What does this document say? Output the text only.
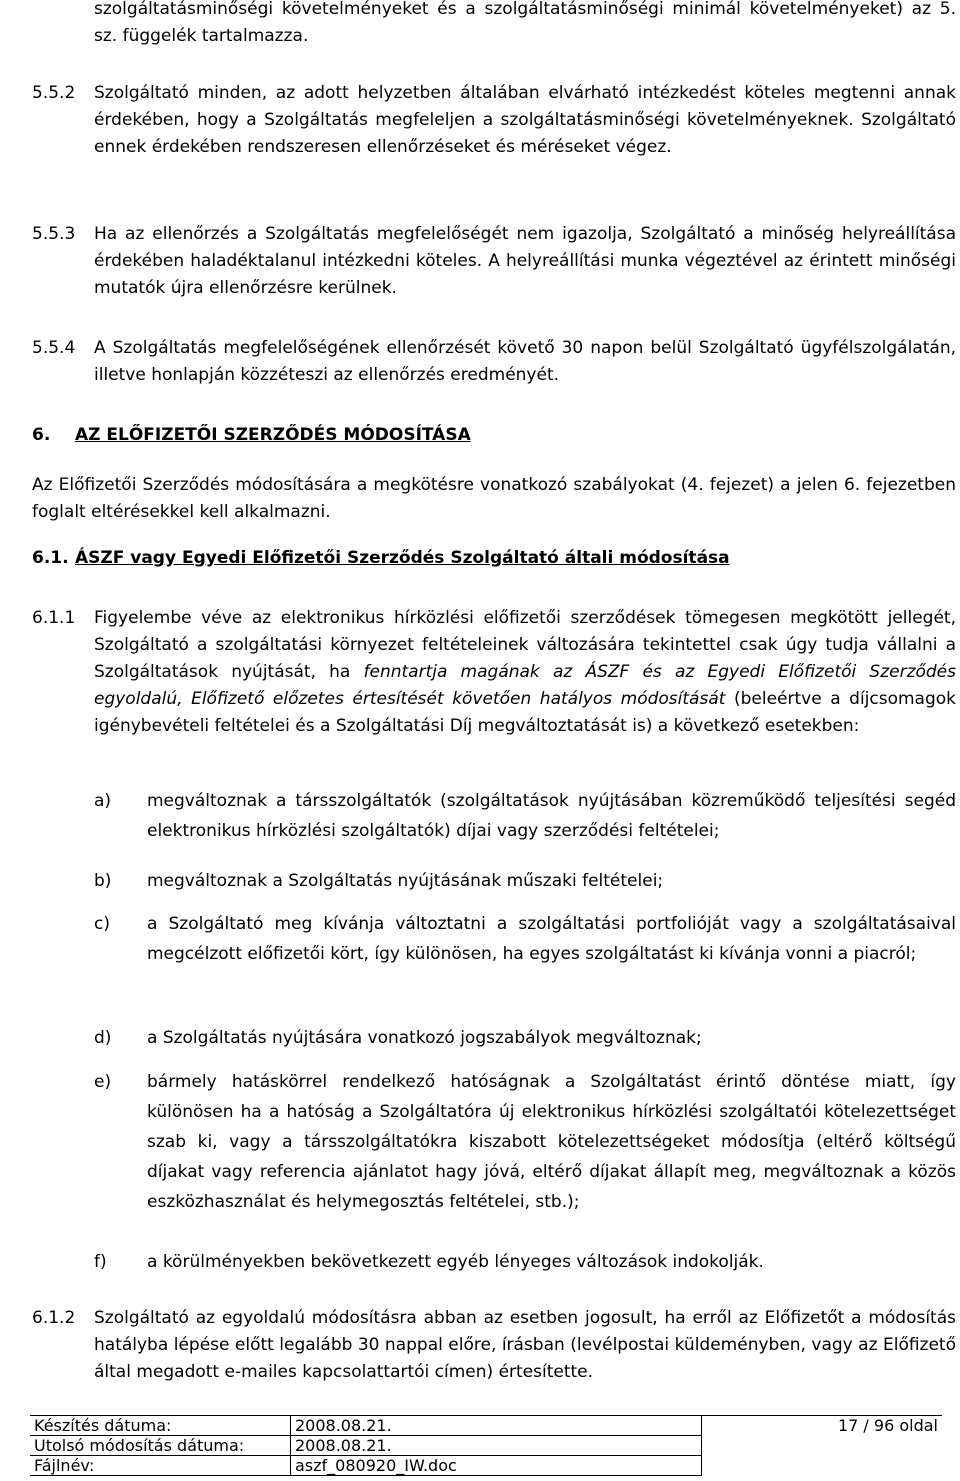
szolgáltatásminőségi követelményeket és a szolgáltatásminőségi minimál követelményeket) az 5. sz. függelék tartalmazza.
5.5.2 Szolgáltató minden, az adott helyzetben általában elvárható intézkedést köteles megtenni annak érdekében, hogy a Szolgáltatás megfeleljen a szolgáltatásminőségi követelményeknek. Szolgáltató ennek érdekében rendszeresen ellenőrzéseket és méréseket végez.
5.5.3 Ha az ellenőrzés a Szolgáltatás megfelelőségét nem igazolja, Szolgáltató a minőség helyreállítása érdekében haladéktalanul intézkedni köteles. A helyreállítási munka végeztével az érintett minőségi mutatók újra ellenőrzésre kerülnek.
5.5.4 A Szolgáltatás megfelelőségének ellenőrzését követő 30 napon belül Szolgáltató ügyfélszolgálatán, illetve honlapján közzéteszi az ellenőrzés eredményét.
6. AZ ELŐFIZETŐI SZERZŐDÉS MÓDOSÍTÁSA
Az Előfizetői Szerződés módosítására a megkötésre vonatkozó szabályokat (4. fejezet) a jelen 6. fejezetben foglalt eltérésekkel kell alkalmazni.
6.1. ÁSZF vagy Egyedi Előfizetői Szerződés Szolgáltató általi módosítása
6.1.1 Figyelembe véve az elektronikus hírközlési előfizetői szerződések tömegesen megkötött jellegét, Szolgáltató a szolgáltatási környezet feltételeinek változására tekintettel csak úgy tudja vállalni a Szolgáltatások nyújtását, ha fenntartja magának az ÁSZF és az Egyedi Előfizetői Szerződés egyoldalú, Előfizető előzetes értesítését követően hatályos módosítását (beleértve a díjcsomagok igénybevételi feltételei és a Szolgáltatási Díj megváltoztatását is) a következő esetekben:
a) megváltoznak a társszolgáltatók (szolgáltatások nyújtásában közreműködő teljesítési segéd elektronikus hírközlési szolgáltatók) díjai vagy szerződési feltételei;
b) megváltoznak a Szolgáltatás nyújtásának műszaki feltételei;
c) a Szolgáltató meg kívánja változtatni a szolgáltatási portfolióját vagy a szolgáltatásaival megcélzott előfizetői kört, így különösen, ha egyes szolgáltatást ki kívánja vonni a piacról;
d) a Szolgáltatás nyújtására vonatkozó jogszabályok megváltoznak;
e) bármely hatáskörrel rendelkező hatóságnak a Szolgáltatást érintő döntése miatt, így különösen ha a hatóság a Szolgáltatóra új elektronikus hírközlési szolgáltatói kötelezettséget szab ki, vagy a társszolgáltatókra kiszabott kötelezettségeket módosítja (eltérő költségű díjakat vagy referencia ajánlatot hagy jóvá, eltérő díjakat állapít meg, megváltoznak a közös eszközhasználat és helymegosztás feltételei, stb.);
f) a körülményekben bekövetkezett egyéb lényeges változások indokolják.
6.1.2 Szolgáltató az egyoldalú módosításra abban az esetben jogosult, ha erről az Előfizetőt a módosítás hatályba lépése előtt legalább 30 nappal előre, írásban (levélpostai küldeményben, vagy az Előfizető által megadott e-mailes kapcsolattartói címen) értesítette.
Készítés dátuma:	2008.08.21.	17 / 96 oldal
Utolsó módosítás dátuma:	2008.08.21.	
Fájlnév:	aszf_080920_IW.doc	
